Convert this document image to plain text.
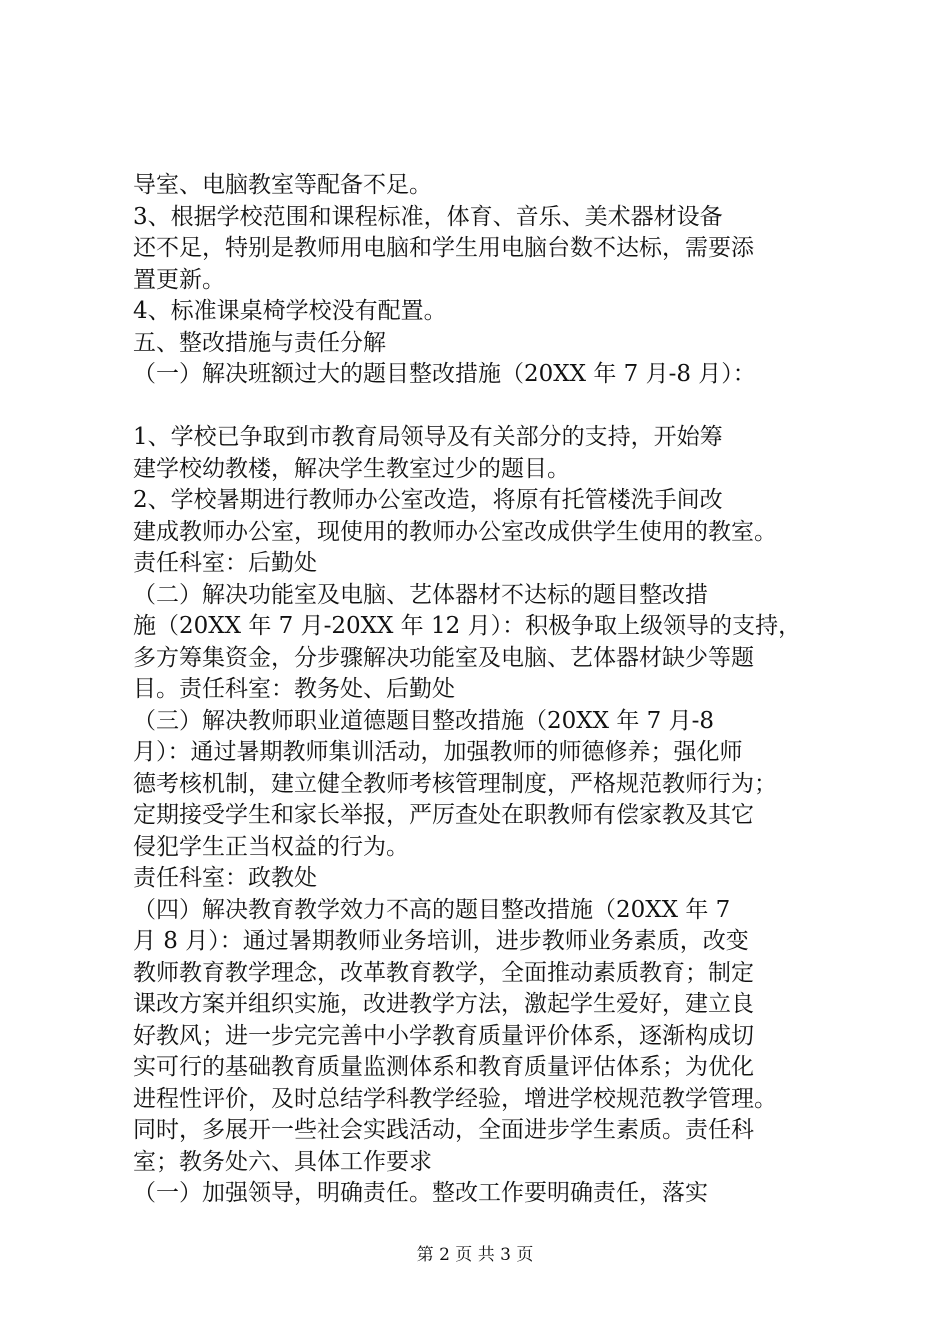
导室、电脑教室等配备不足。
3、根据学校范围和课程标准，体育、音乐、美术器材设备
还不足，特别是教师用电脑和学生用电脑台数不达标，需要添
置更新。
4、标准课桌椅学校没有配置。
五、整改措施与责任分解
（一）解决班额过大的题目整改措施（20XX 年 7 月-8 月）：
1、学校已争取到市教育局领导及有关部分的支持，开始筹
建学校幼教楼，解决学生教室过少的题目。
2、学校暑期进行教师办公室改造，将原有托管楼洗手间改
建成教师办公室，现使用的教师办公室改成供学生使用的教室。
责任科室：后勤处
（二）解决功能室及电脑、艺体器材不达标的题目整改措
施（20XX 年 7 月-20XX 年 12 月）：积极争取上级领导的支持，
多方筹集资金，分步骤解决功能室及电脑、艺体器材缺少等题
目。责任科室：教务处、后勤处
（三）解决教师职业道德题目整改措施（20XX 年 7 月-8
月）：通过暑期教师集训活动，加强教师的师德修养；强化师
德考核机制，建立健全教师考核管理制度，严格规范教师行为；
定期接受学生和家长举报，严厉查处在职教师有偿家教及其它
侵犯学生正当权益的行为。
责任科室：政教处
（四）解决教育教学效力不高的题目整改措施（20XX 年 7
月 8 月）：通过暑期教师业务培训，进步教师业务素质，改变
教师教育教学理念，改革教育教学，全面推动素质教育；制定
课改方案并组织实施，改进教学方法，激起学生爱好，建立良
好教风；进一步完完善中小学教育质量评价体系，逐渐构成切
实可行的基础教育质量监测体系和教育质量评估体系；为优化
进程性评价，及时总结学科教学经验，增进学校规范教学管理。
同时，多展开一些社会实践活动，全面进步学生素质。责任科
室；教务处六、具体工作要求
（一）加强领导，明确责任。整改工作要明确责任，落实
第 2 页 共 3 页
